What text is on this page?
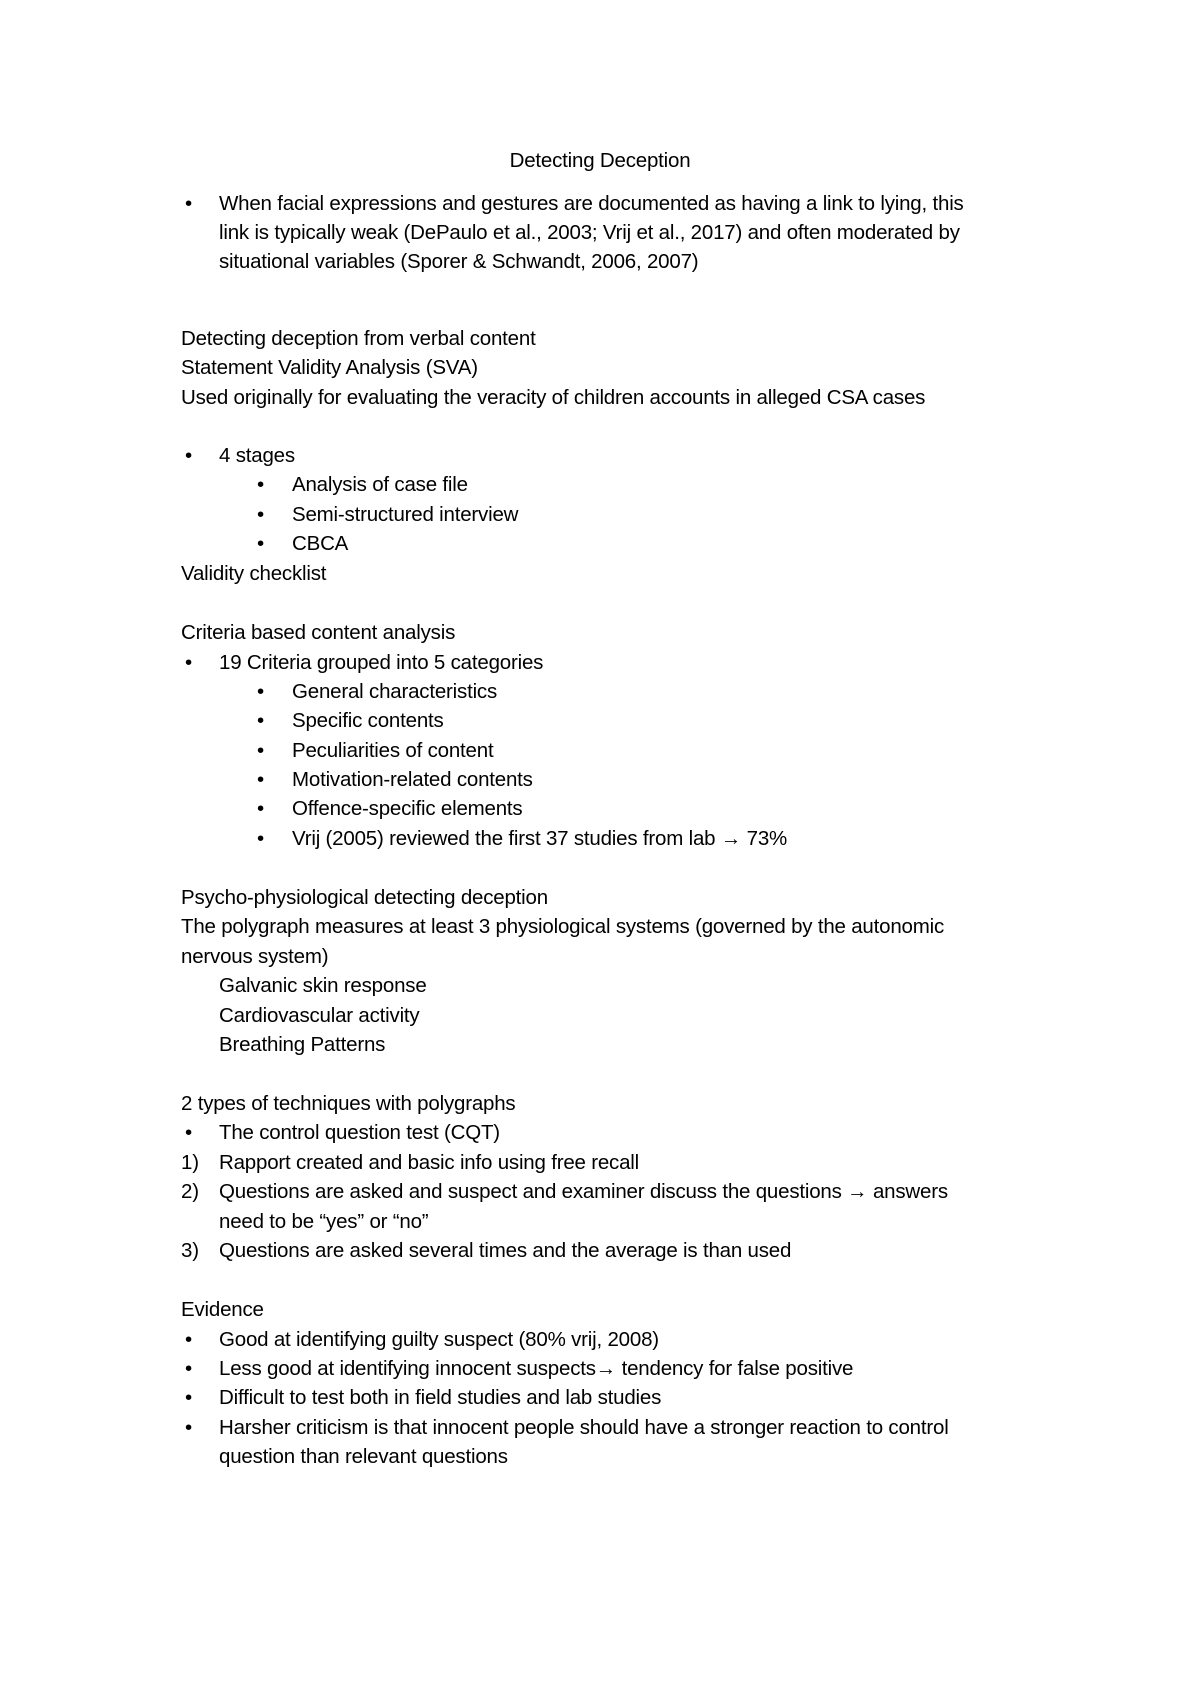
Detecting Deception
•
When facial expressions and gestures are documented as having a link to lying, this
link is typically weak (DePaulo et al., 2003; Vrij et al., 2017) and often moderated by
situational variables (Sporer & Schwandt, 2006, 2007)
Detecting deception from verbal content
Statement Validity Analysis (SVA)
Used originally for evaluating the veracity of children accounts in alleged CSA cases
•
4 stages
•
Analysis of case file
•
Semi-structured interview
•
CBCA
Validity checklist
Criteria based content analysis
•
19 Criteria grouped into 5 categories
•
General characteristics
•
Specific contents
•
Peculiarities of content
•
Motivation-related contents
•
Offence-specific elements
•
Vrij (2005) reviewed the first 37 studies from lab → 73%
Psycho-physiological detecting deception
The polygraph measures at least 3 physiological systems (governed by the autonomic
nervous system)
Galvanic skin response
Cardiovascular activity
Breathing Patterns
2 types of techniques with polygraphs
•
The control question test (CQT)
1) Rapport created and basic info using free recall
2) Questions are asked and suspect and examiner discuss the questions → answers
need to be “yes” or “no”
3) Questions are asked several times and the average is than used
Evidence
•
Good at identifying guilty suspect (80% vrij, 2008)
•
Less good at identifying innocent suspects→ tendency for false positive
•
Difficult to test both in field studies and lab studies
•
Harsher criticism is that innocent people should have a stronger reaction to control
question than relevant questions
